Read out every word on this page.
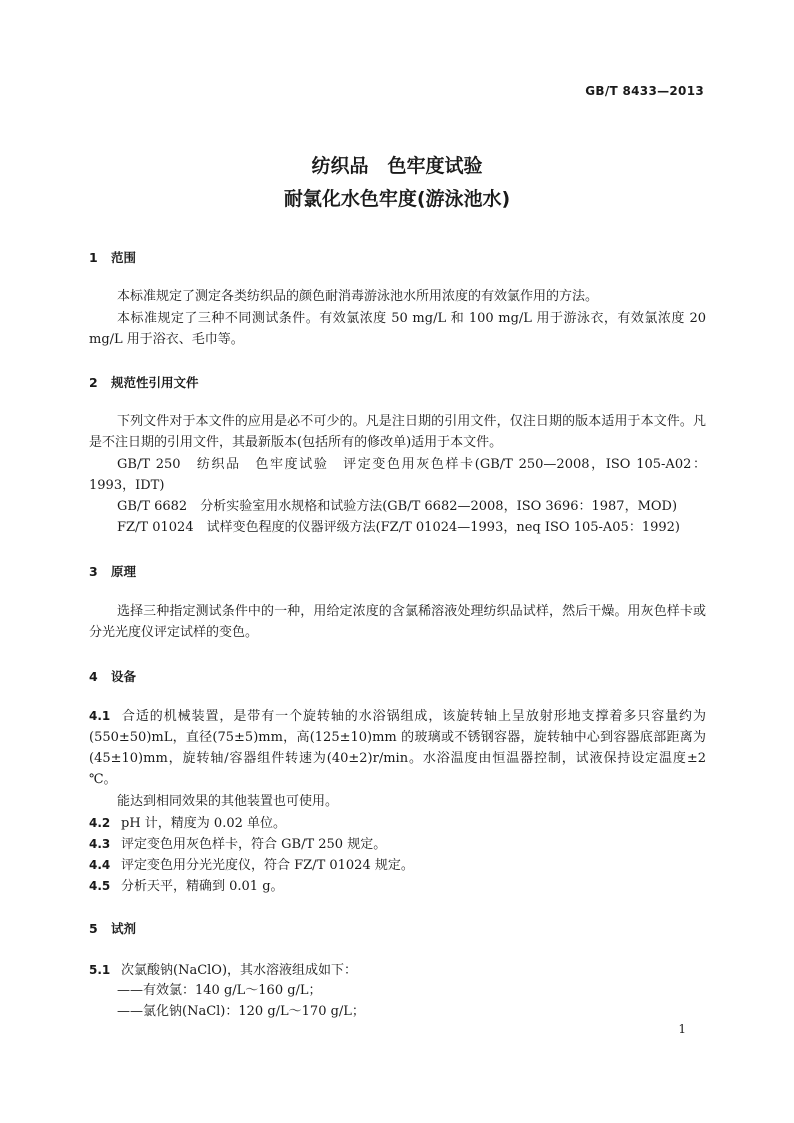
GB/T 8433—2013
纺织品　色牢度试验
耐氯化水色牢度(游泳池水)
1 范围
本标准规定了测定各类纺织品的颜色耐消毒游泳池水所用浓度的有效氯作用的方法。
本标准规定了三种不同测试条件。有效氯浓度 50 mg/L 和 100 mg/L 用于游泳衣，有效氯浓度 20 mg/L 用于浴衣、毛巾等。
2 规范性引用文件
下列文件对于本文件的应用是必不可少的。凡是注日期的引用文件，仅注日期的版本适用于本文件。凡是不注日期的引用文件，其最新版本(包括所有的修改单)适用于本文件。
GB/T 250　纺织品　色牢度试验　评定变色用灰色样卡(GB/T 250—2008，ISO 105-A02：1993，IDT)
GB/T 6682　分析实验室用水规格和试验方法(GB/T 6682—2008，ISO 3696：1987，MOD)
FZ/T 01024　试样变色程度的仪器评级方法(FZ/T 01024—1993，neq ISO 105-A05：1992)
3 原理
选择三种指定测试条件中的一种，用给定浓度的含氯稀溶液处理纺织品试样，然后干燥。用灰色样卡或分光光度仪评定试样的变色。
4 设备
4.1 合适的机械装置，是带有一个旋转轴的水浴锅组成，该旋转轴上呈放射形地支撑着多只容量约为(550±50)mL，直径(75±5)mm，高(125±10)mm 的玻璃或不锈钢容器，旋转轴中心到容器底部距离为(45±10)mm，旋转轴/容器组件转速为(40±2)r/min。水浴温度由恒温器控制，试液保持设定温度±2 ℃。
能达到相同效果的其他装置也可使用。
4.2 pH 计，精度为 0.02 单位。
4.3 评定变色用灰色样卡，符合 GB/T 250 规定。
4.4 评定变色用分光光度仪，符合 FZ/T 01024 规定。
4.5 分析天平，精确到 0.01 g。
5 试剂
5.1 次氯酸钠(NaClO)，其水溶液组成如下：
——有效氯：140 g/L～160 g/L；
——氯化钠(NaCl)：120 g/L～170 g/L；
1
